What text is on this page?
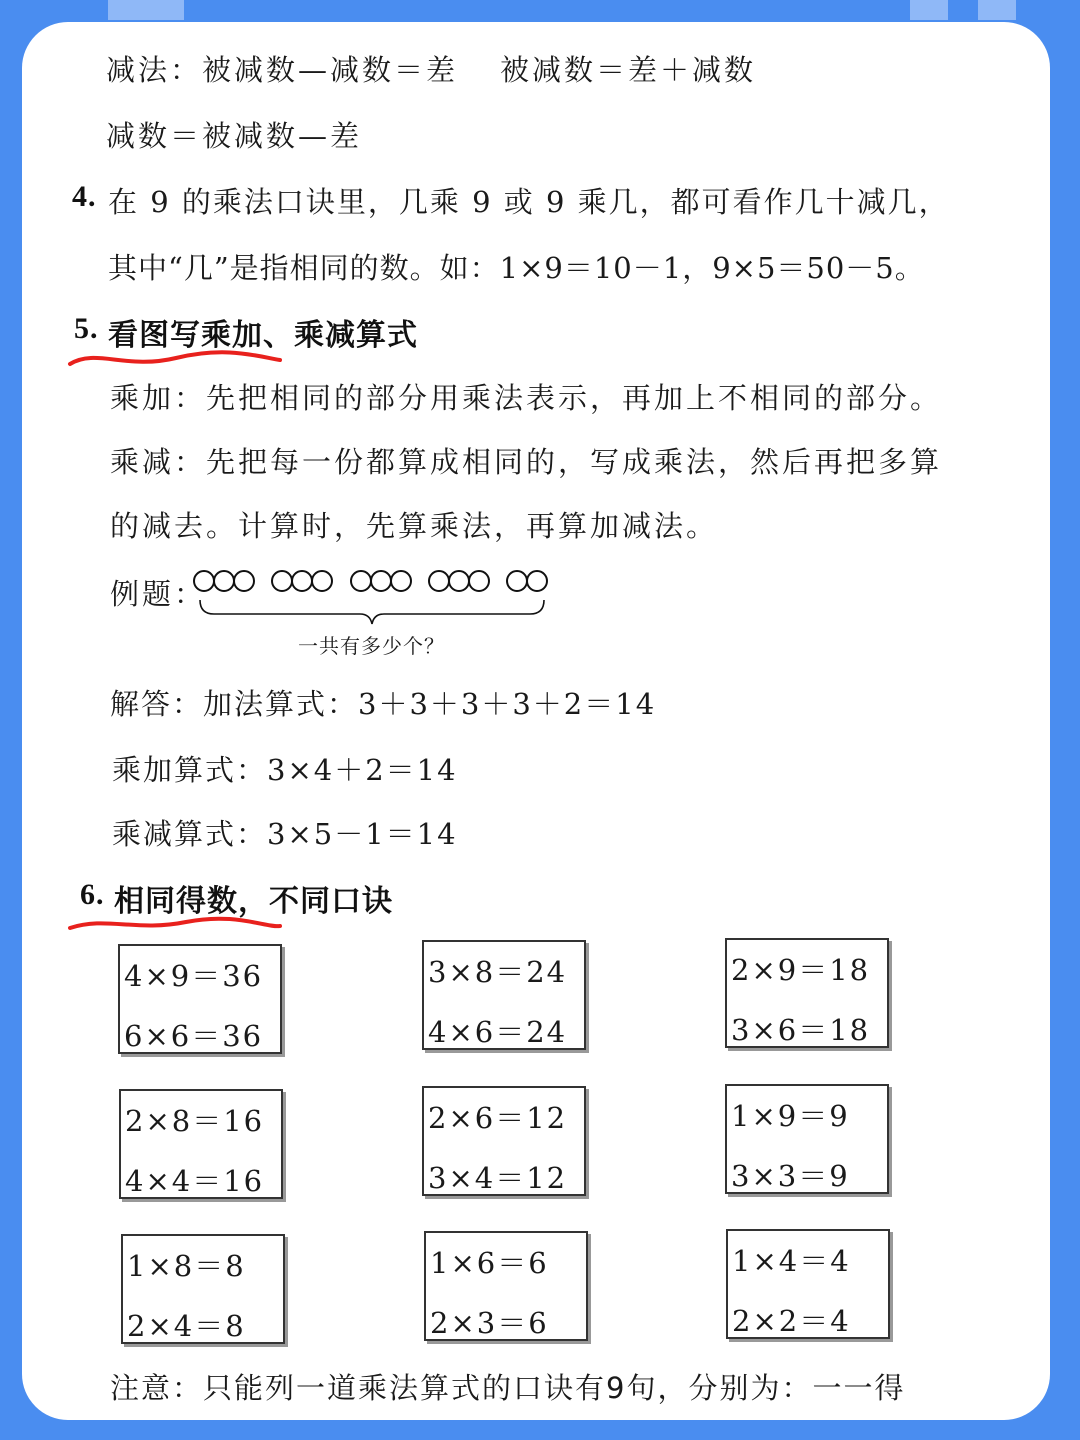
减法：被减数—减数＝差 被减数＝差＋减数
减数＝被减数—差
4. 在 9 的乘法口诀里，几乘 9 或 9 乘几，都可看作几十减几，
其中“几”是指相同的数。如：1×9＝10－1，9×5＝50－5。
5. 看图写乘加、乘减算式
乘加：先把相同的部分用乘法表示，再加上不相同的部分。
乘减：先把每一份都算成相同的，写成乘法，然后再把多算
的减去。计算时，先算乘法，再算加减法。
例题：
一共有多少个？
解答：加法算式：3＋3＋3＋3＋2＝14
乘加算式：3×4＋2＝14
乘减算式：3×5－1＝14
6. 相同得数，不同口诀
4×9＝36
6×6＝36
3×8＝24
4×6＝24
2×9＝18
3×6＝18
2×8＝16
4×4＝16
2×6＝12
3×4＝12
1×9＝9
3×3＝9
1×8＝8
2×4＝8
1×6＝6
2×3＝6
1×4＝4
2×2＝4
注意：只能列一道乘法算式的口诀有9句，分别为：一一得
